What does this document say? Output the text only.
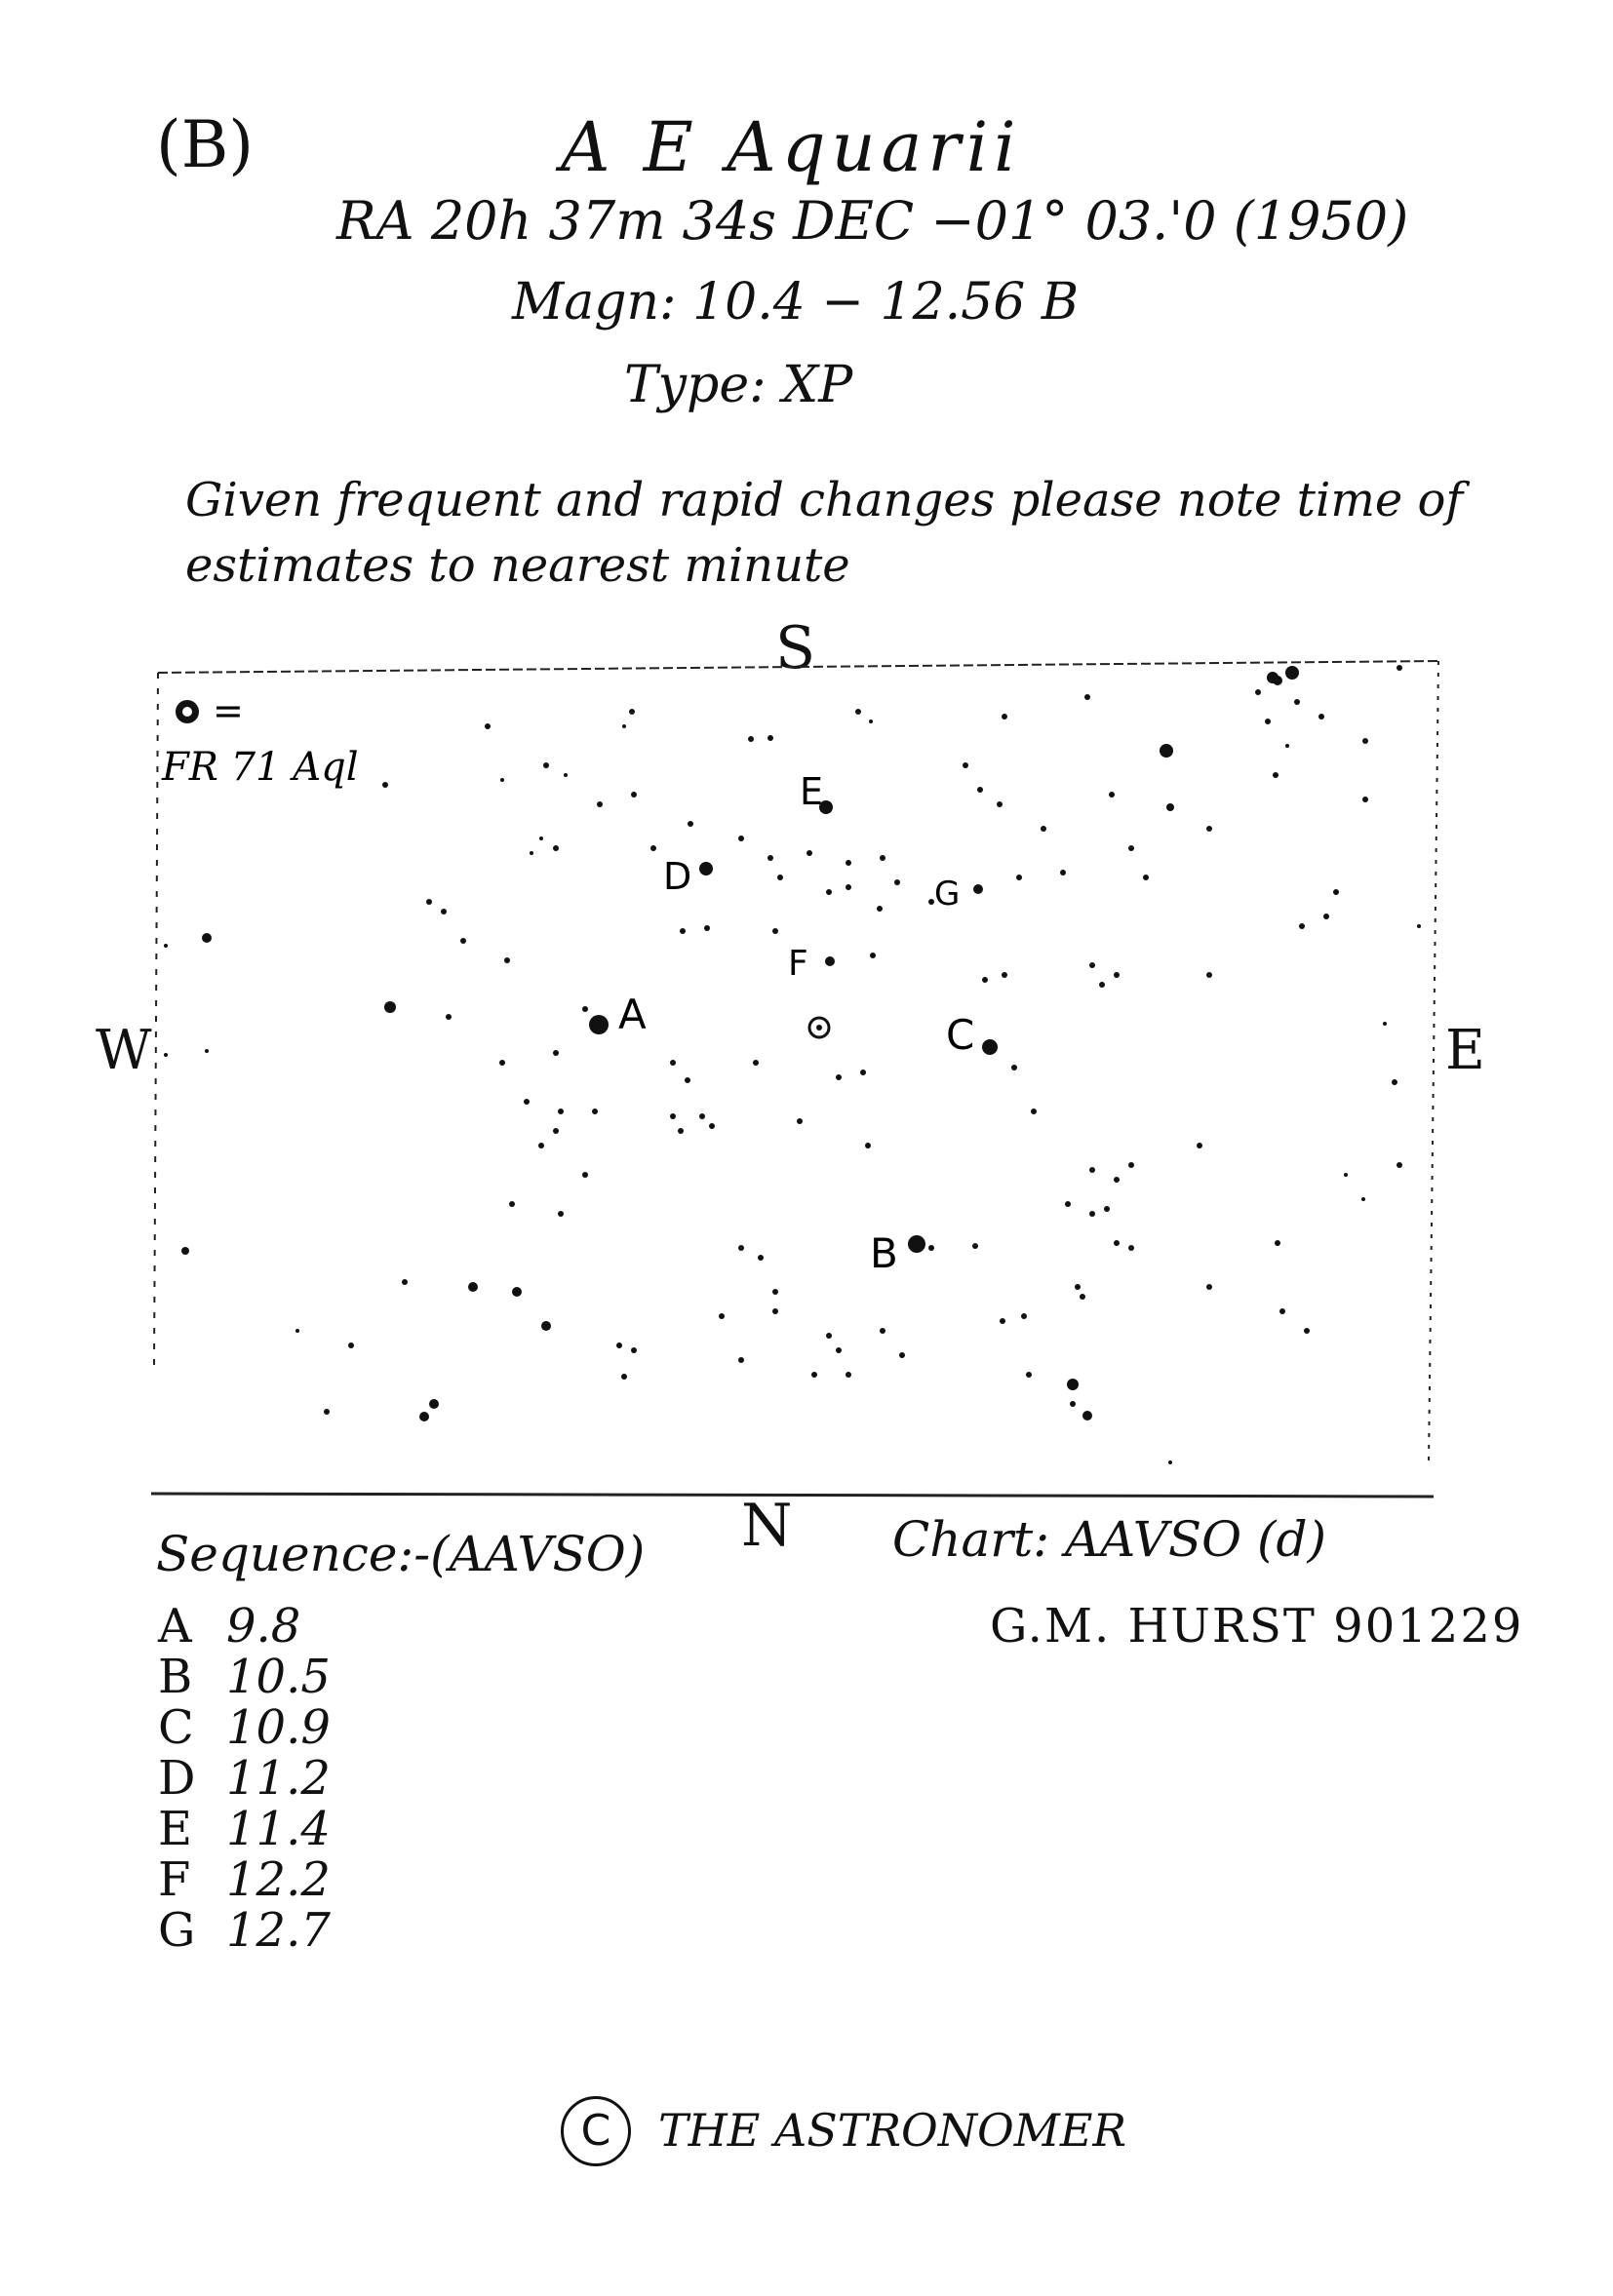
(B)	A E Aquarii
RA 20h 37m 34s DEC −01° 03.'0 (1950)
Magn: 10.4 − 12.56 B
Type: XP
Given frequent and rapid changes please note time of
estimates to nearest minute
S
N
W	E
=
FR 71 Aql
A
B
C
D
E
F
G
Sequence:-(AAVSO)
A 9.8
B 10.5
C 10.9
D 11.2
E 11.4
F 12.2
G 12.7
Chart: AAVSO (d)
G.M. HURST 901229
C	THE ASTRONOMER
